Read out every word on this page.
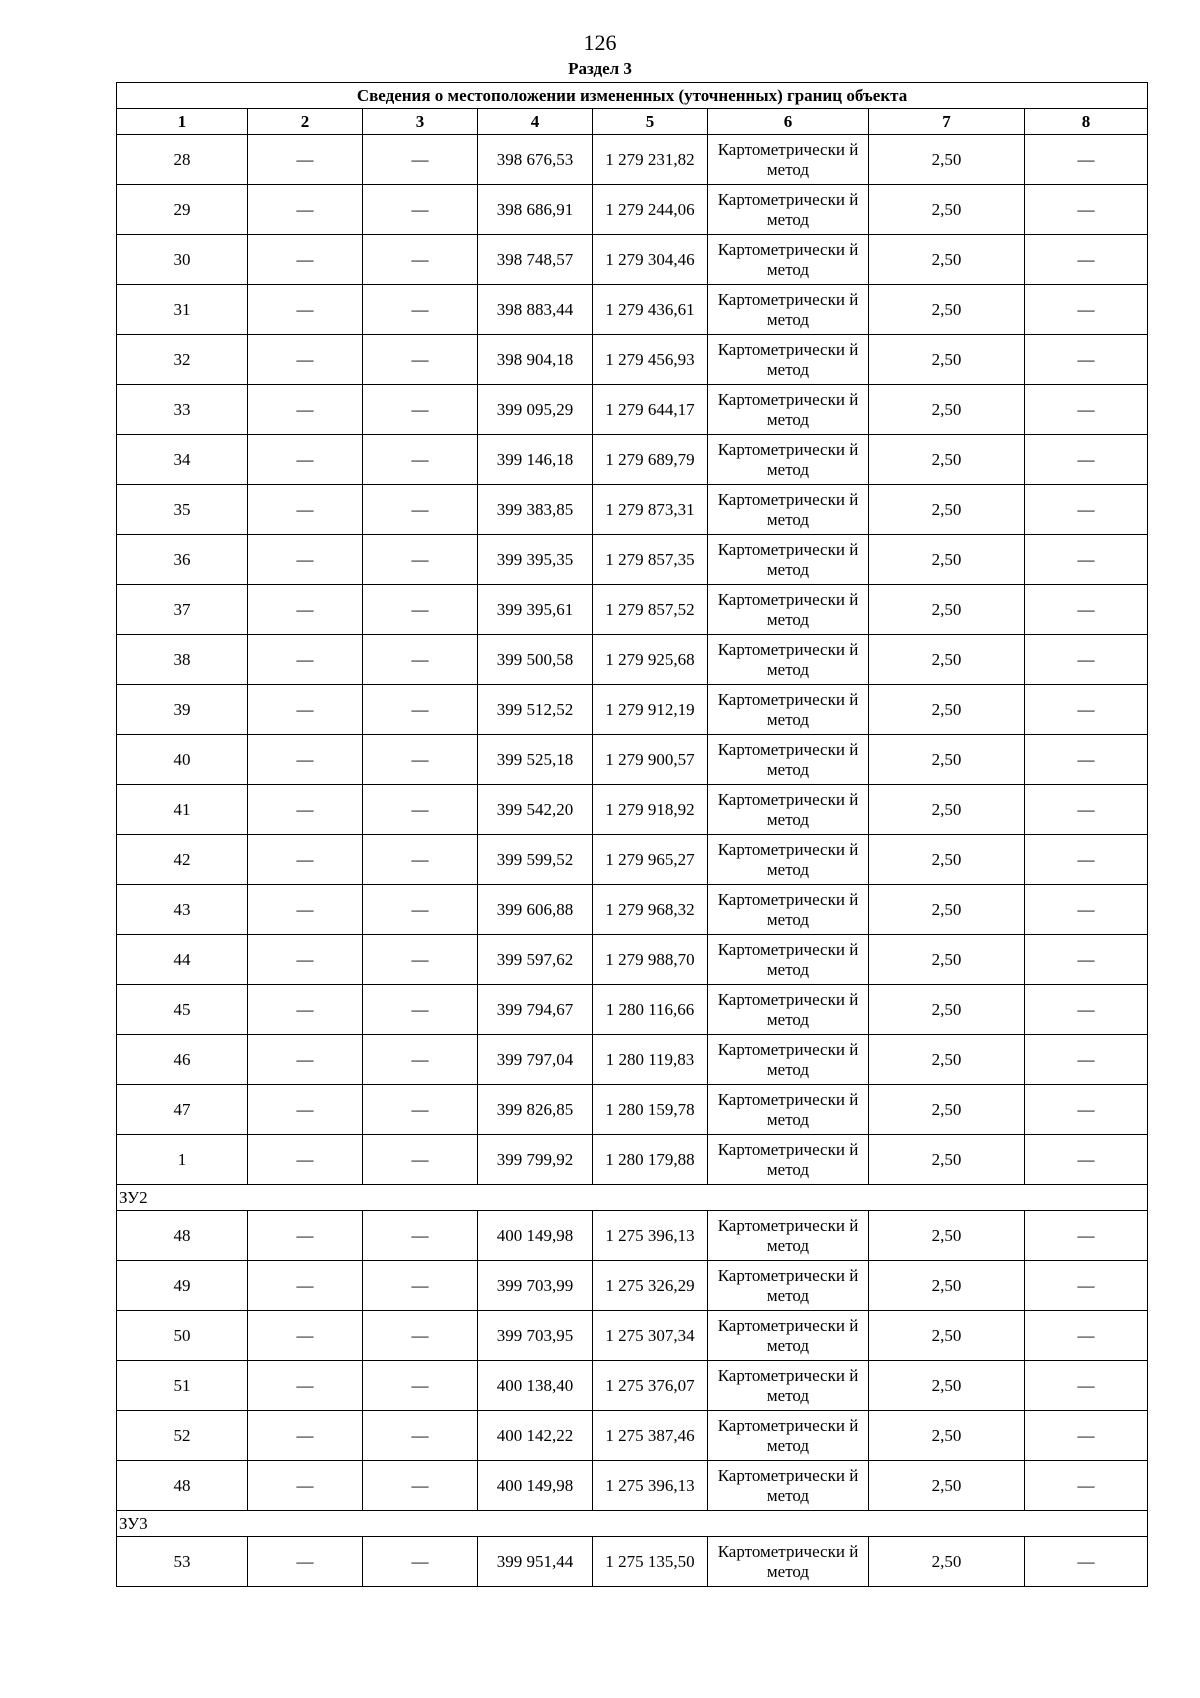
126
Раздел 3
Сведения о местоположении измененных (уточненных) границ объекта							
1	2	3	4	5	6	7	8
28	—	—	398 676,53	1 279 231,82	Картометрически й метод	2,50	—
29	—	—	398 686,91	1 279 244,06	Картометрически й метод	2,50	—
30	—	—	398 748,57	1 279 304,46	Картометрически й метод	2,50	—
31	—	—	398 883,44	1 279 436,61	Картометрически й метод	2,50	—
32	—	—	398 904,18	1 279 456,93	Картометрически й метод	2,50	—
33	—	—	399 095,29	1 279 644,17	Картометрически й метод	2,50	—
34	—	—	399 146,18	1 279 689,79	Картометрически й метод	2,50	—
35	—	—	399 383,85	1 279 873,31	Картометрически й метод	2,50	—
36	—	—	399 395,35	1 279 857,35	Картометрически й метод	2,50	—
37	—	—	399 395,61	1 279 857,52	Картометрически й метод	2,50	—
38	—	—	399 500,58	1 279 925,68	Картометрически й метод	2,50	—
39	—	—	399 512,52	1 279 912,19	Картометрически й метод	2,50	—
40	—	—	399 525,18	1 279 900,57	Картометрически й метод	2,50	—
41	—	—	399 542,20	1 279 918,92	Картометрически й метод	2,50	—
42	—	—	399 599,52	1 279 965,27	Картометрически й метод	2,50	—
43	—	—	399 606,88	1 279 968,32	Картометрически й метод	2,50	—
44	—	—	399 597,62	1 279 988,70	Картометрически й метод	2,50	—
45	—	—	399 794,67	1 280 116,66	Картометрически й метод	2,50	—
46	—	—	399 797,04	1 280 119,83	Картометрически й метод	2,50	—
47	—	—	399 826,85	1 280 159,78	Картометрически й метод	2,50	—
1	—	—	399 799,92	1 280 179,88	Картометрически й метод	2,50	—
ЗУ2							
48	—	—	400 149,98	1 275 396,13	Картометрически й метод	2,50	—
49	—	—	399 703,99	1 275 326,29	Картометрически й метод	2,50	—
50	—	—	399 703,95	1 275 307,34	Картометрически й метод	2,50	—
51	—	—	400 138,40	1 275 376,07	Картометрически й метод	2,50	—
52	—	—	400 142,22	1 275 387,46	Картометрически й метод	2,50	—
48	—	—	400 149,98	1 275 396,13	Картометрически й метод	2,50	—
ЗУ3							
53	—	—	399 951,44	1 275 135,50	Картометрически й метод	2,50	—
